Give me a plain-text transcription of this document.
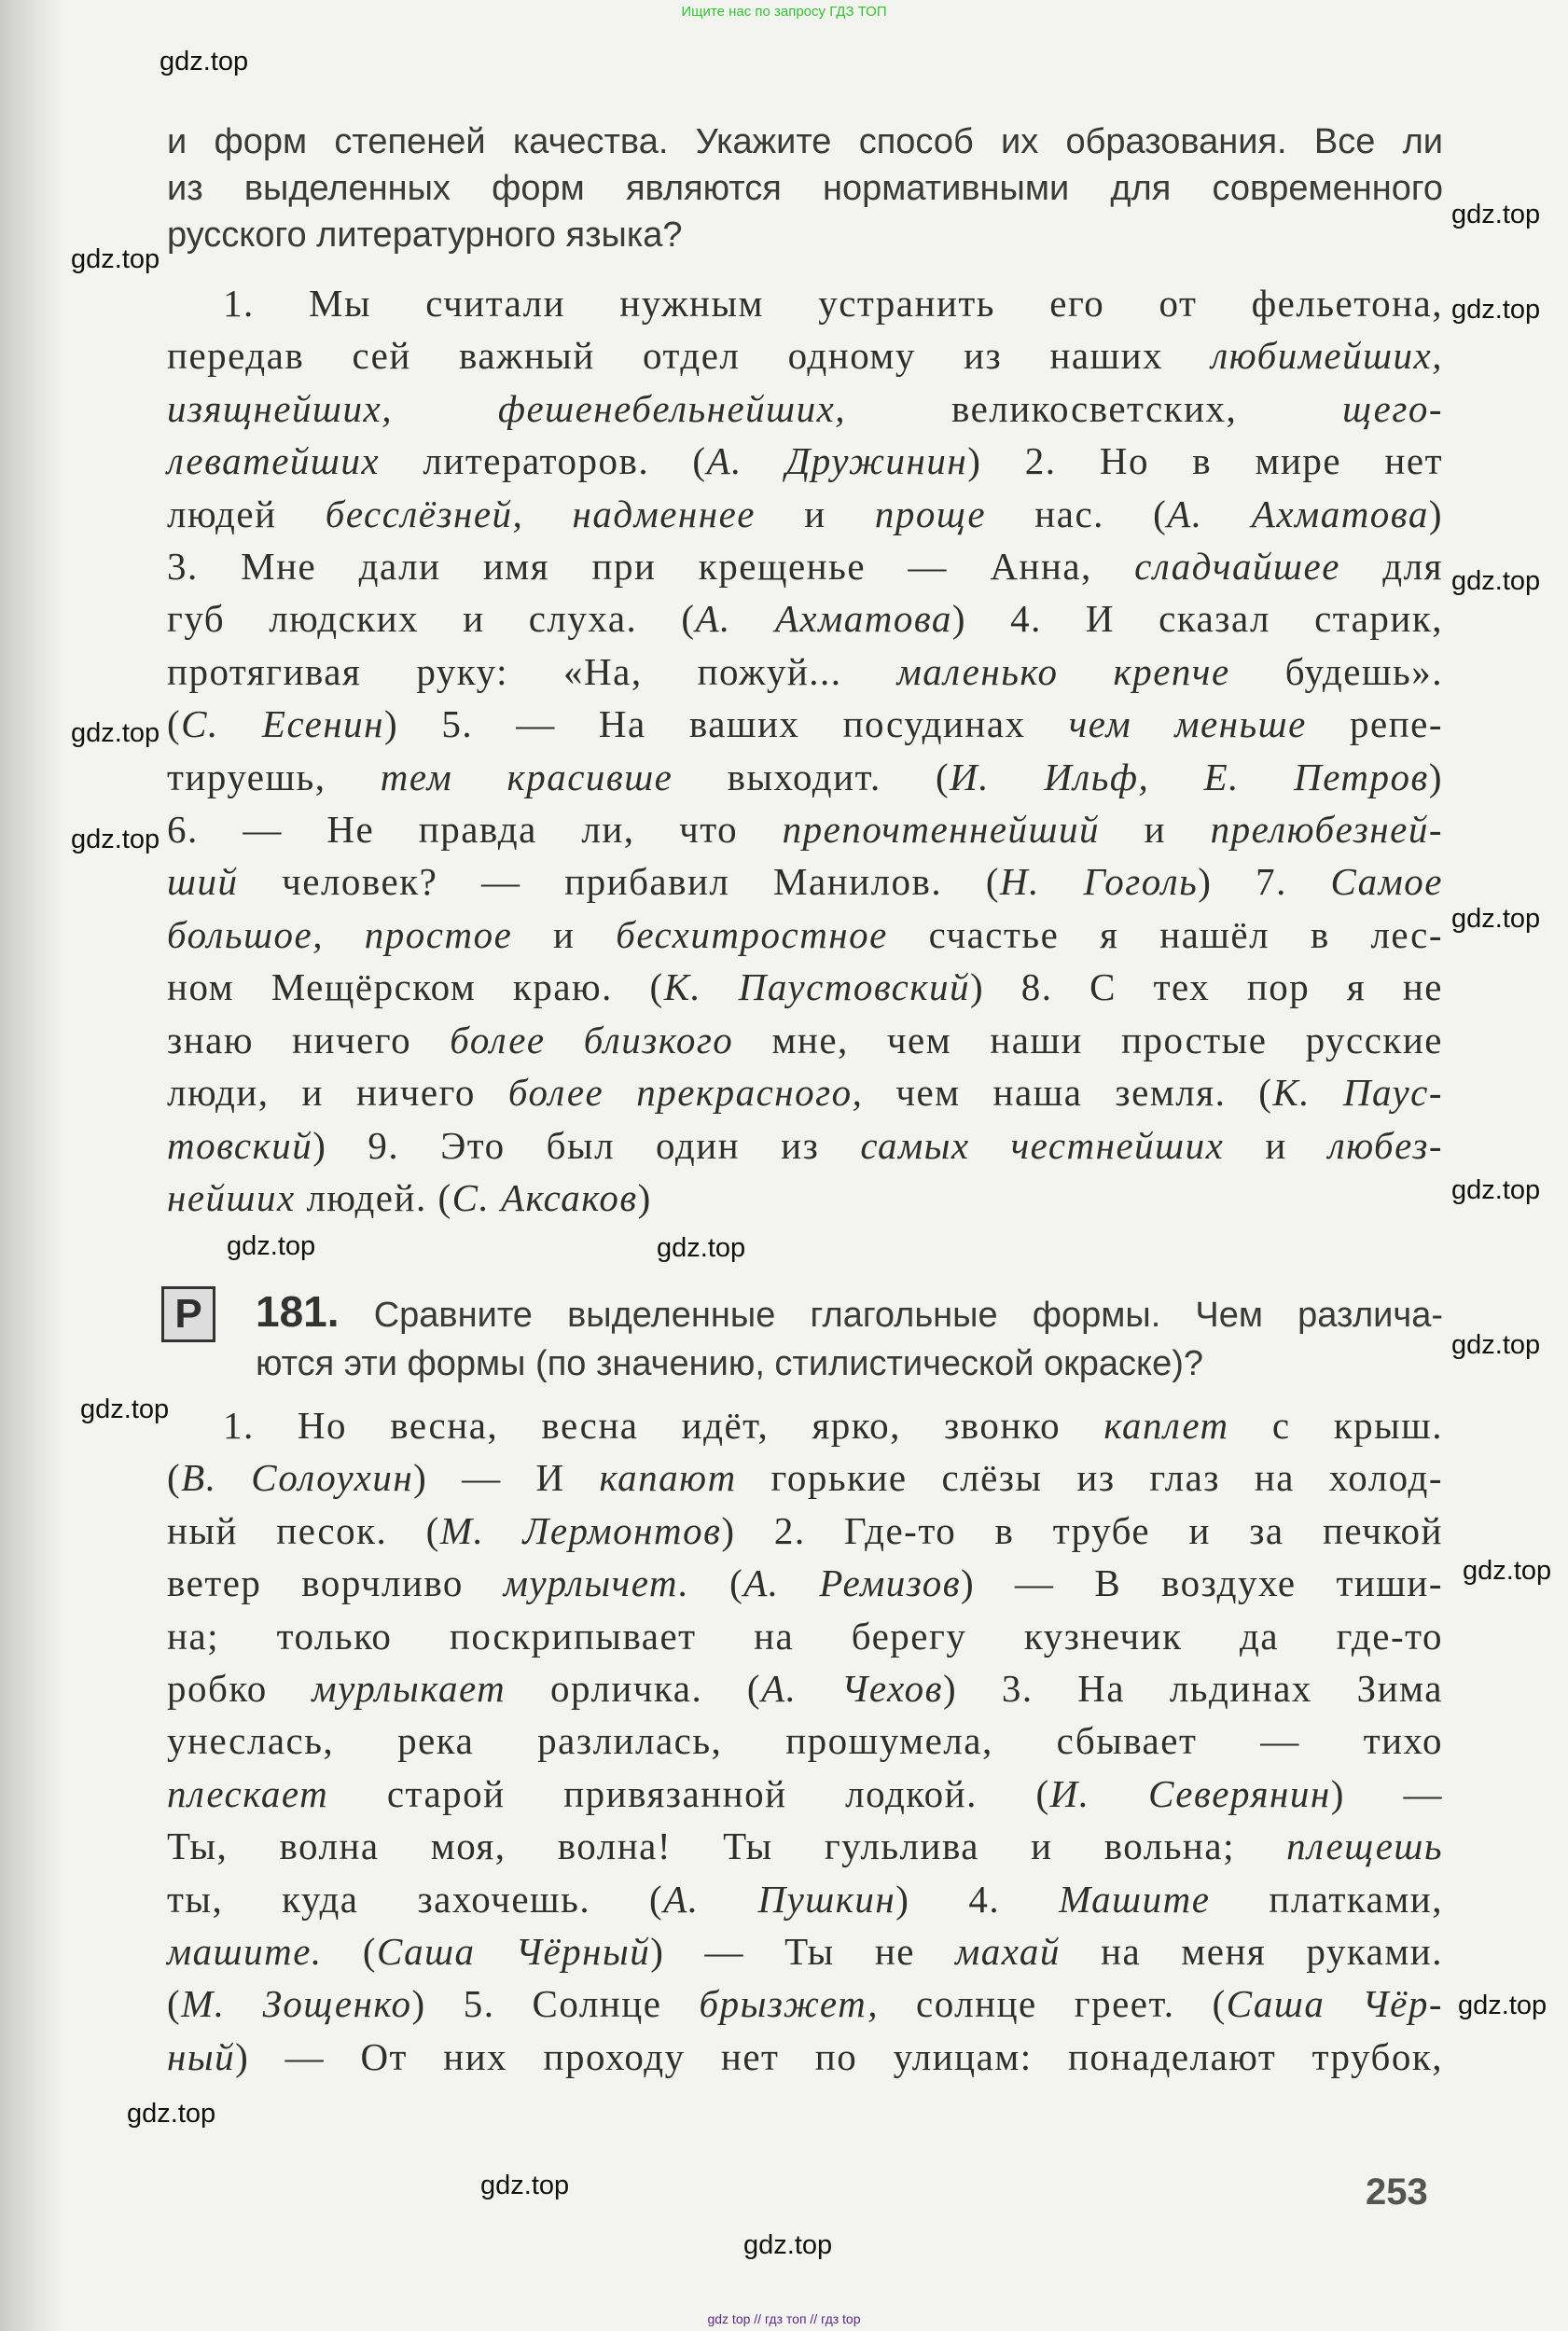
Ищите нас по запросу ГДЗ ТОП
и форм степеней качества. Укажите способ их образования. Все ли
из выделенных форм являются нормативными для современного
русского литературного языка?
1. Мы считали нужным устранить его от фельетона,
передав сей важный отдел одному из наших любимейших,
изящнейших, фешенебельнейших, великосветских, щего-
леватейших литераторов. (А. Дружинин) 2. Но в мире нет
людей бесслёзней, надменнее и проще нас. (А. Ахматова)
3. Мне дали имя при крещенье — Анна, сладчайшее для
губ людских и слуха. (А. Ахматова) 4. И сказал старик,
протягивая руку: «На, пожуй... маленько крепче будешь».
(С. Есенин) 5. — На ваших посудинах чем меньше репе-
тируешь, тем красивше выходит. (И. Ильф, Е. Петров)
6. — Не правда ли, что препочтеннейший и прелюбезней-
ший человек? — прибавил Манилов. (Н. Гоголь) 7. Самое
большое, простое и бесхитростное счастье я нашёл в лес-
ном Мещёрском краю. (К. Паустовский) 8. С тех пор я не
знаю ничего более близкого мне, чем наши простые русские
люди, и ничего более прекрасного, чем наша земля. (К. Паус-
товский) 9. Это был один из самых честнейших и любез-
нейших людей. (С. Аксаков)
Р	181. Сравните выделенные глагольные формы. Чем различа-
ются эти формы (по значению, стилистической окраске)?
1. Но весна, весна идёт, ярко, звонко каплет с крыш.
(В. Солоухин) — И капают горькие слёзы из глаз на холод-
ный песок. (М. Лермонтов) 2. Где-то в трубе и за печкой
ветер ворчливо мурлычет. (А. Ремизов) — В воздухе тиши-
на; только поскрипывает на берегу кузнечик да где-то
робко мурлыкает орличка. (А. Чехов) 3. На льдинах Зима
унеслась, река разлилась, прошумела, сбывает — тихо
плескает старой привязанной лодкой. (И. Северянин) —
Ты, волна моя, волна! Ты гульлива и вольна; плещешь
ты, куда захочешь. (А. Пушкин) 4. Машите платками,
машите. (Саша Чёрный) — Ты не махай на меня руками.
(М. Зощенко) 5. Солнце брызжет, солнце греет. (Саша Чёр-
ный) — От них проходу нет по улицам: понаделают трубок,
253
gdz.top
gdz.top
gdz.top
gdz.top
gdz.top
gdz.top
gdz.top
gdz.top
gdz.top
gdz.top	gdz.top
gdz.top
gdz.top
gdz.top
gdz.top
gdz.top
gdz.top
gdz.top
gdz top // гдз топ // гдз top
